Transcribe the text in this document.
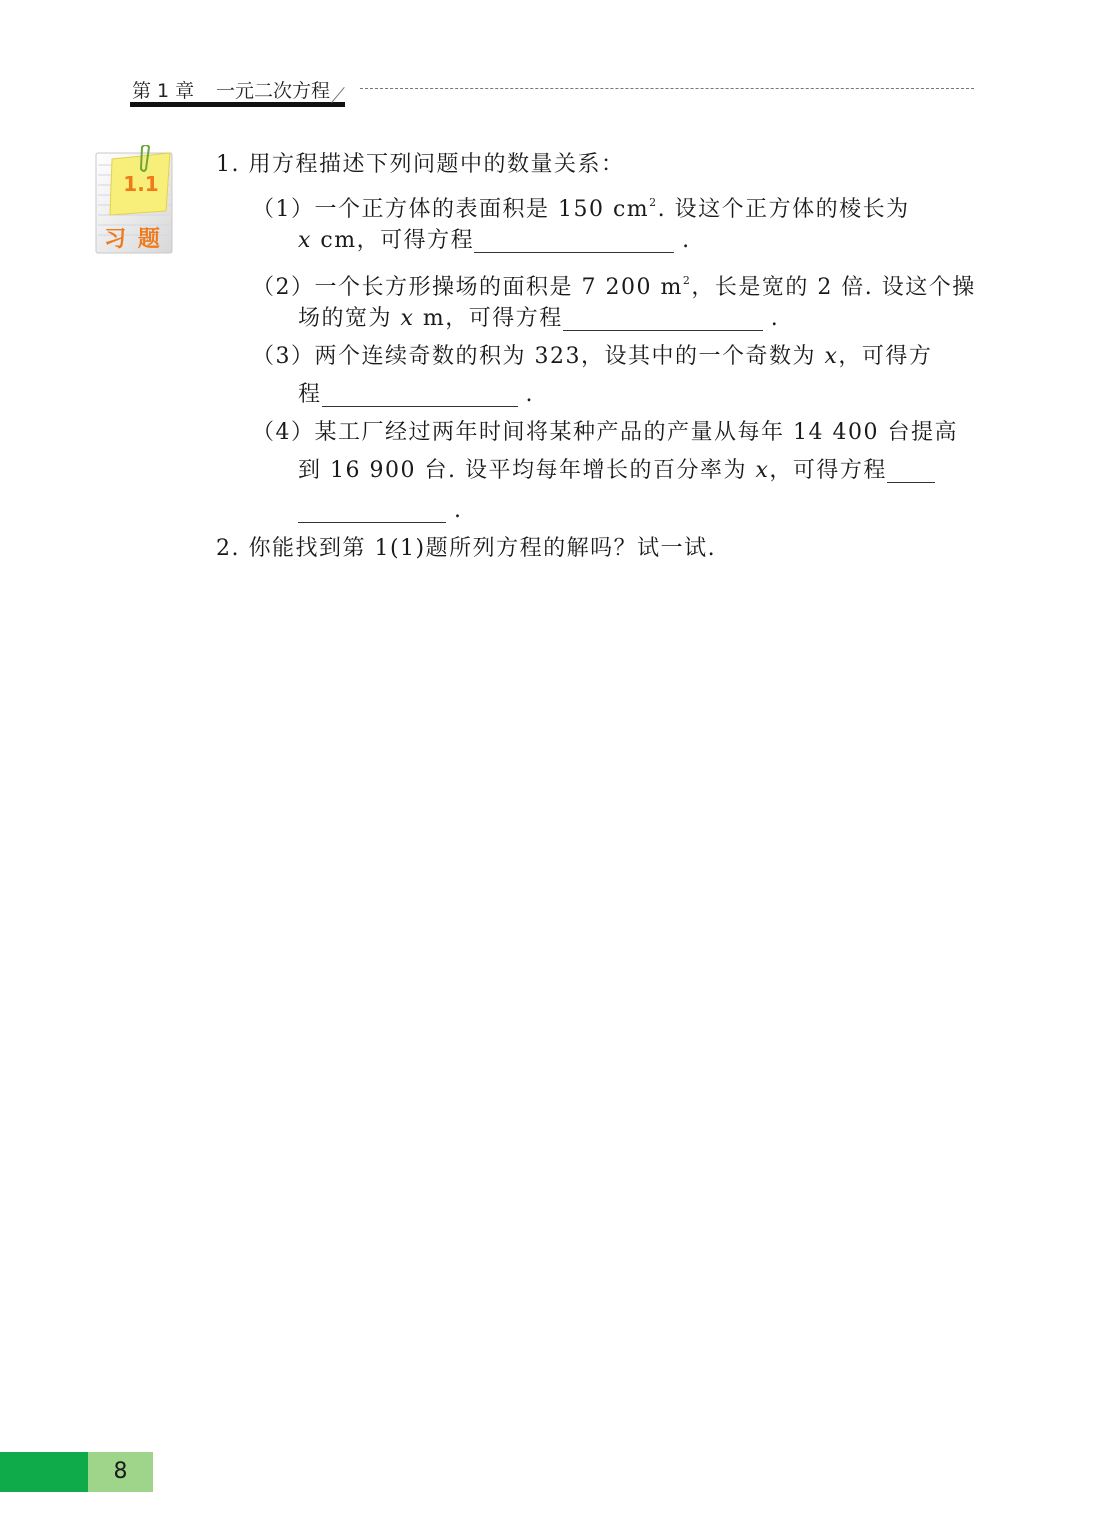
第 1 章 一元二次方程
1.1
习 题
1. 用方程描述下列问题中的数量关系：
（1）一个正方体的表面积是 150 $cm^2$. 设这个正方体的棱长为
x cm，可得方程	.
（2）一个长方形操场的面积是 7 200 $m^2$，长是宽的 2 倍. 设这个操
场的宽为 x m，可得方程	.
（3）两个连续奇数的积为 323，设其中的一个奇数为 x，可得方
程	.
（4）某工厂经过两年时间将某种产品的产量从每年 14 400 台提高
到 16 900 台. 设平均每年增长的百分率为 x，可得方程
.
2. 你能找到第 1(1)题所列方程的解吗？试一试.
8
